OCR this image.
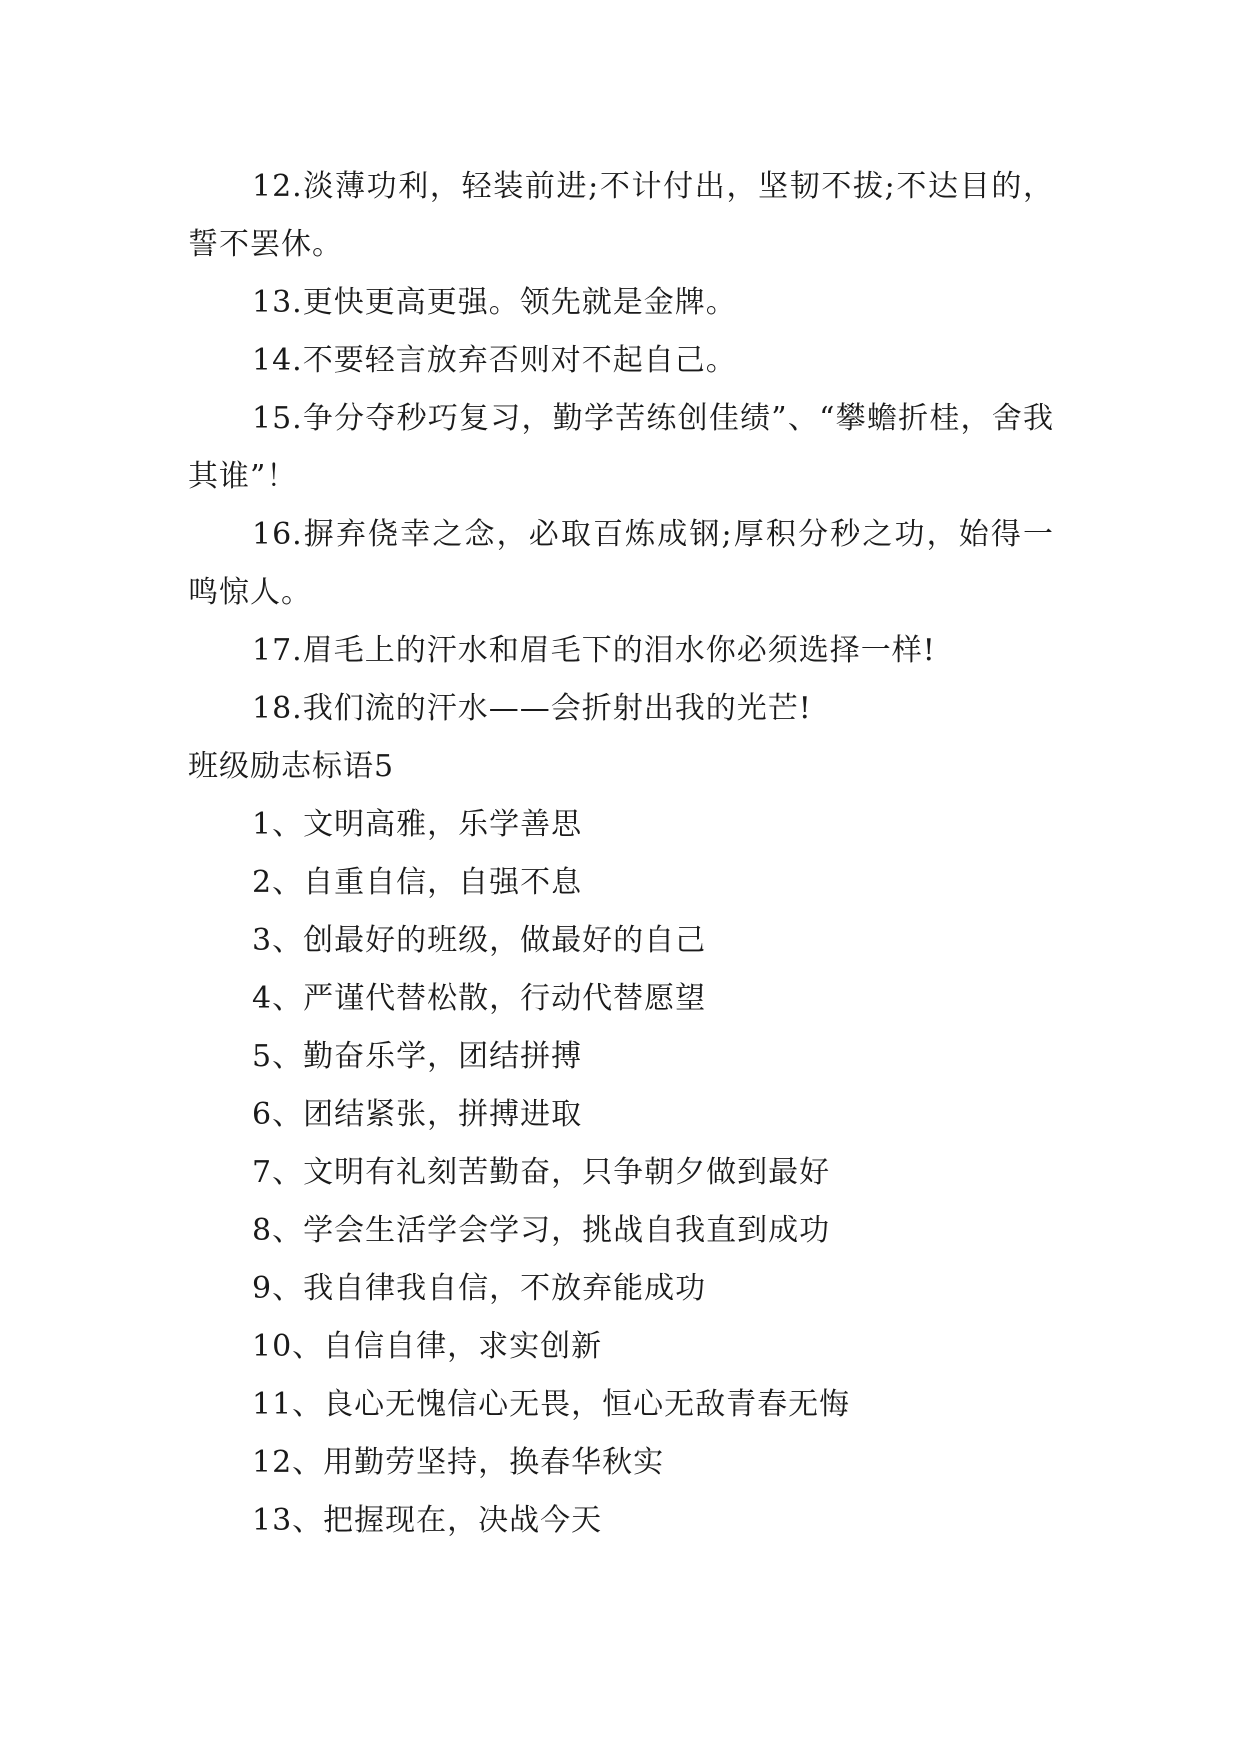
12.淡薄功利，轻装前进;不计付出，坚韧不拔;不达目的，誓不罢休。

13.更快更高更强。领先就是金牌。

14.不要轻言放弃否则对不起自己。

15.争分夺秒巧复习，勤学苦练创佳绩”、“攀蟾折桂，舍我其谁”！

16.摒弃侥幸之念，必取百炼成钢;厚积分秒之功，始得一鸣惊人。

17.眉毛上的汗水和眉毛下的泪水你必须选择一样!

18.我们流的汗水——会折射出我的光芒!

班级励志标语5

1、文明高雅，乐学善思

2、自重自信，自强不息

3、创最好的班级，做最好的自己

4、严谨代替松散，行动代替愿望

5、勤奋乐学，团结拼搏

6、团结紧张，拼搏进取

7、文明有礼刻苦勤奋，只争朝夕做到最好

8、学会生活学会学习，挑战自我直到成功

9、我自律我自信，不放弃能成功

10、自信自律，求实创新

11、良心无愧信心无畏，恒心无敌青春无悔

12、用勤劳坚持，换春华秋实

13、把握现在，决战今天
